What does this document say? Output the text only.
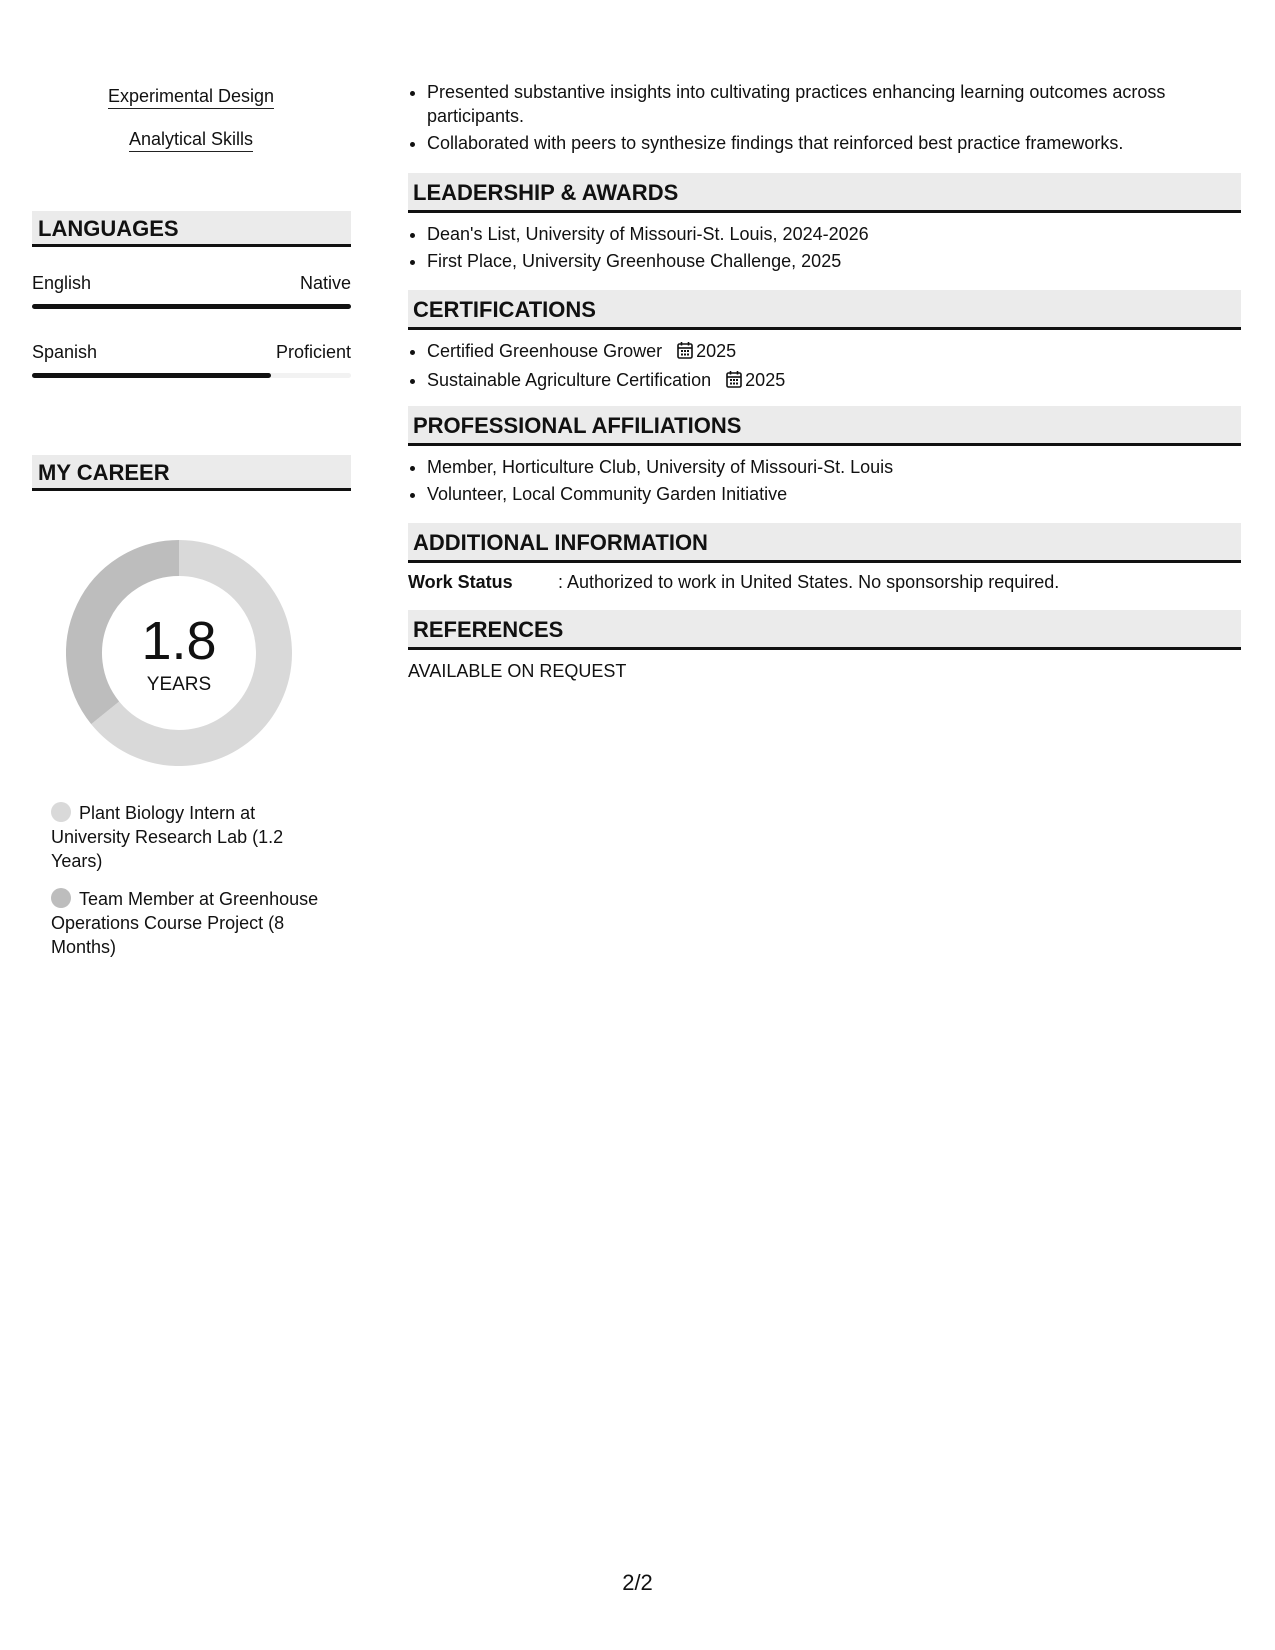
Experimental Design
Analytical Skills
LANGUAGES
English	Native
Spanish	Proficient
MY CAREER
1.8
YEARS
Plant Biology Intern at University Research Lab (1.2 Years)
Team Member at Greenhouse Operations Course Project (8 Months)
• Presented substantive insights into cultivating practices enhancing learning outcomes across participants.
• Collaborated with peers to synthesize findings that reinforced best practice frameworks.
LEADERSHIP & AWARDS
• Dean's List, University of Missouri-St. Louis, 2024-2026
• First Place, University Greenhouse Challenge, 2025
CERTIFICATIONS
• Certified Greenhouse Grower 2025
• Sustainable Agriculture Certification 2025
PROFESSIONAL AFFILIATIONS
• Member, Horticulture Club, University of Missouri-St. Louis
• Volunteer, Local Community Garden Initiative
ADDITIONAL INFORMATION
Work Status	: Authorized to work in United States. No sponsorship required.
REFERENCES
AVAILABLE ON REQUEST
2/2
